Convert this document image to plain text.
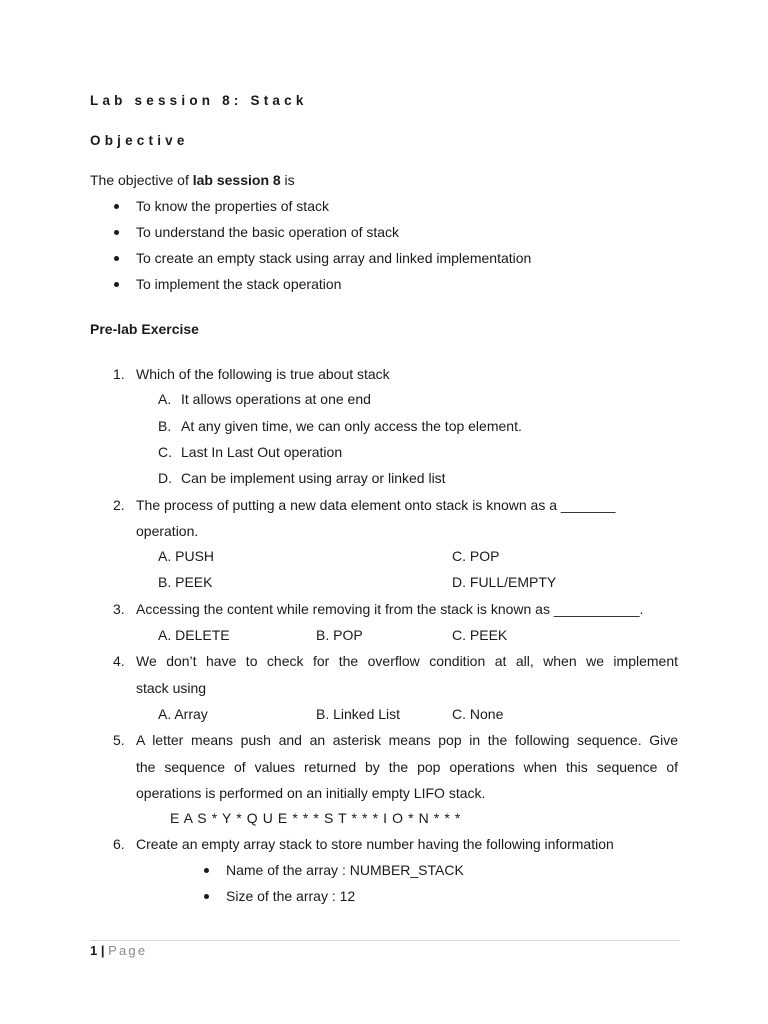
Lab session 8: Stack
Objective
The objective of lab session 8 is
To know the properties of stack
To understand the basic operation of stack
To create an empty stack using array and linked implementation
To implement the stack operation
Pre-lab Exercise
1. Which of the following is true about stack
A. It allows operations at one end
B. At any given time, we can only access the top element.
C. Last In Last Out operation
D. Can be implement using array or linked list
2. The process of putting a new data element onto stack is known as a _______
operation.
A. PUSH	C. POP
B. PEEK	D. FULL/EMPTY
3. Accessing the content while removing it from the stack is known as ___________.
A. DELETE	B. POP	C. PEEK
4. We don’t have to check for the overflow condition at all, when we implement
stack using
A. Array	B. Linked List	C. None
5. A letter means push and an asterisk means pop in the following sequence. Give
the sequence of values returned by the pop operations when this sequence of
operations is performed on an initially empty LIFO stack.
E A S * Y * Q U E * * * S T * * * I O * N * * *
6. Create an empty array stack to store number having the following information
Name of the array : NUMBER_STACK
Size of the array : 12
1 | Page
